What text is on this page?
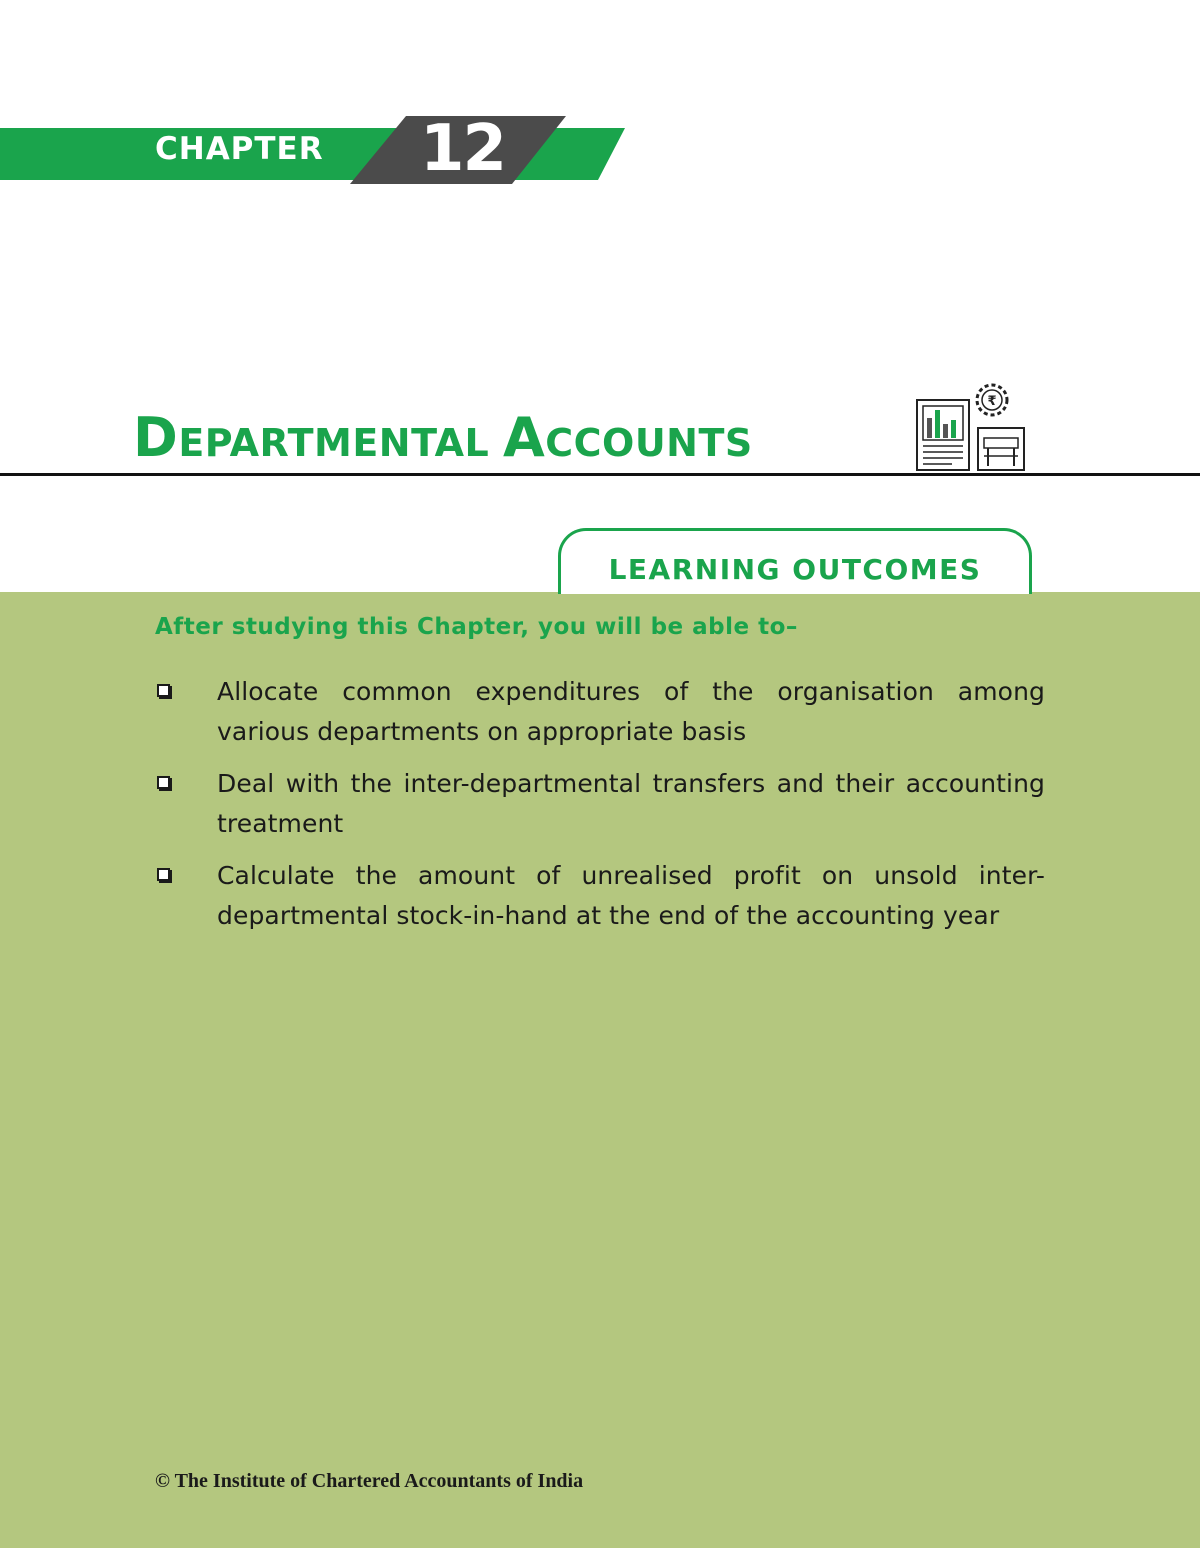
CHAPTER 12
DEPARTMENTAL ACCOUNTS
₹
LEARNING OUTCOMES
After studying this Chapter, you will be able to–
Allocate common expenditures of the organisation among various departments on appropriate basis
Deal with the inter-departmental transfers and their accounting treatment
Calculate the amount of unrealised profit on unsold inter-departmental stock-in-hand at the end of the accounting year
© The Institute of Chartered Accountants of India
